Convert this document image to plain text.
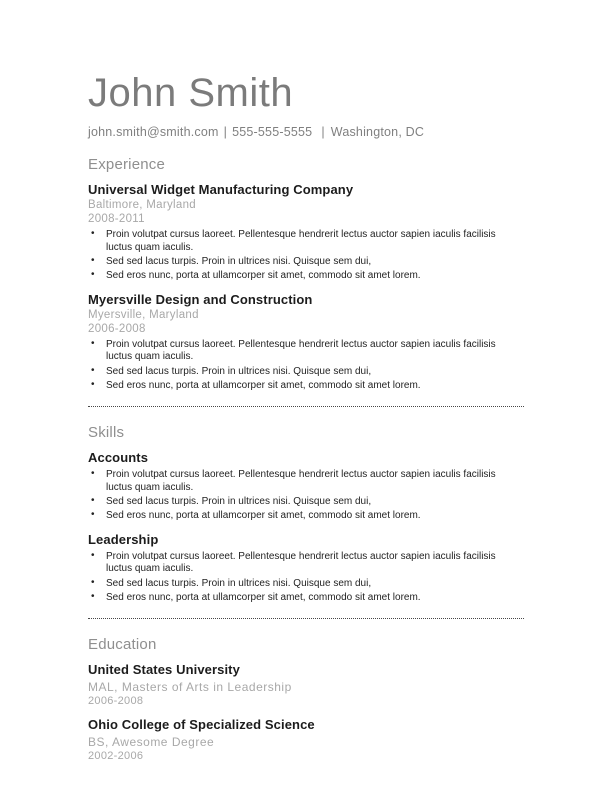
John Smith
john.smith@smith.com | 555-555-5555 | Washington, DC
Experience
Universal Widget Manufacturing Company
Baltimore, Maryland
2008-2011
• Proin volutpat cursus laoreet. Pellentesque hendrerit lectus auctor sapien iaculis facilisis luctus quam iaculis.
• Sed sed lacus turpis. Proin in ultrices nisi. Quisque sem dui,
• Sed eros nunc, porta at ullamcorper sit amet, commodo sit amet lorem.
Myersville Design and Construction
Myersville, Maryland
2006-2008
• Proin volutpat cursus laoreet. Pellentesque hendrerit lectus auctor sapien iaculis facilisis luctus quam iaculis.
• Sed sed lacus turpis. Proin in ultrices nisi. Quisque sem dui,
• Sed eros nunc, porta at ullamcorper sit amet, commodo sit amet lorem.
Skills
Accounts
• Proin volutpat cursus laoreet. Pellentesque hendrerit lectus auctor sapien iaculis facilisis luctus quam iaculis.
• Sed sed lacus turpis. Proin in ultrices nisi. Quisque sem dui,
• Sed eros nunc, porta at ullamcorper sit amet, commodo sit amet lorem.
Leadership
• Proin volutpat cursus laoreet. Pellentesque hendrerit lectus auctor sapien iaculis facilisis luctus quam iaculis.
• Sed sed lacus turpis. Proin in ultrices nisi. Quisque sem dui,
• Sed eros nunc, porta at ullamcorper sit amet, commodo sit amet lorem.
Education
United States University
MAL, Masters of Arts in Leadership
2006-2008
Ohio College of Specialized Science
BS, Awesome Degree
2002-2006
